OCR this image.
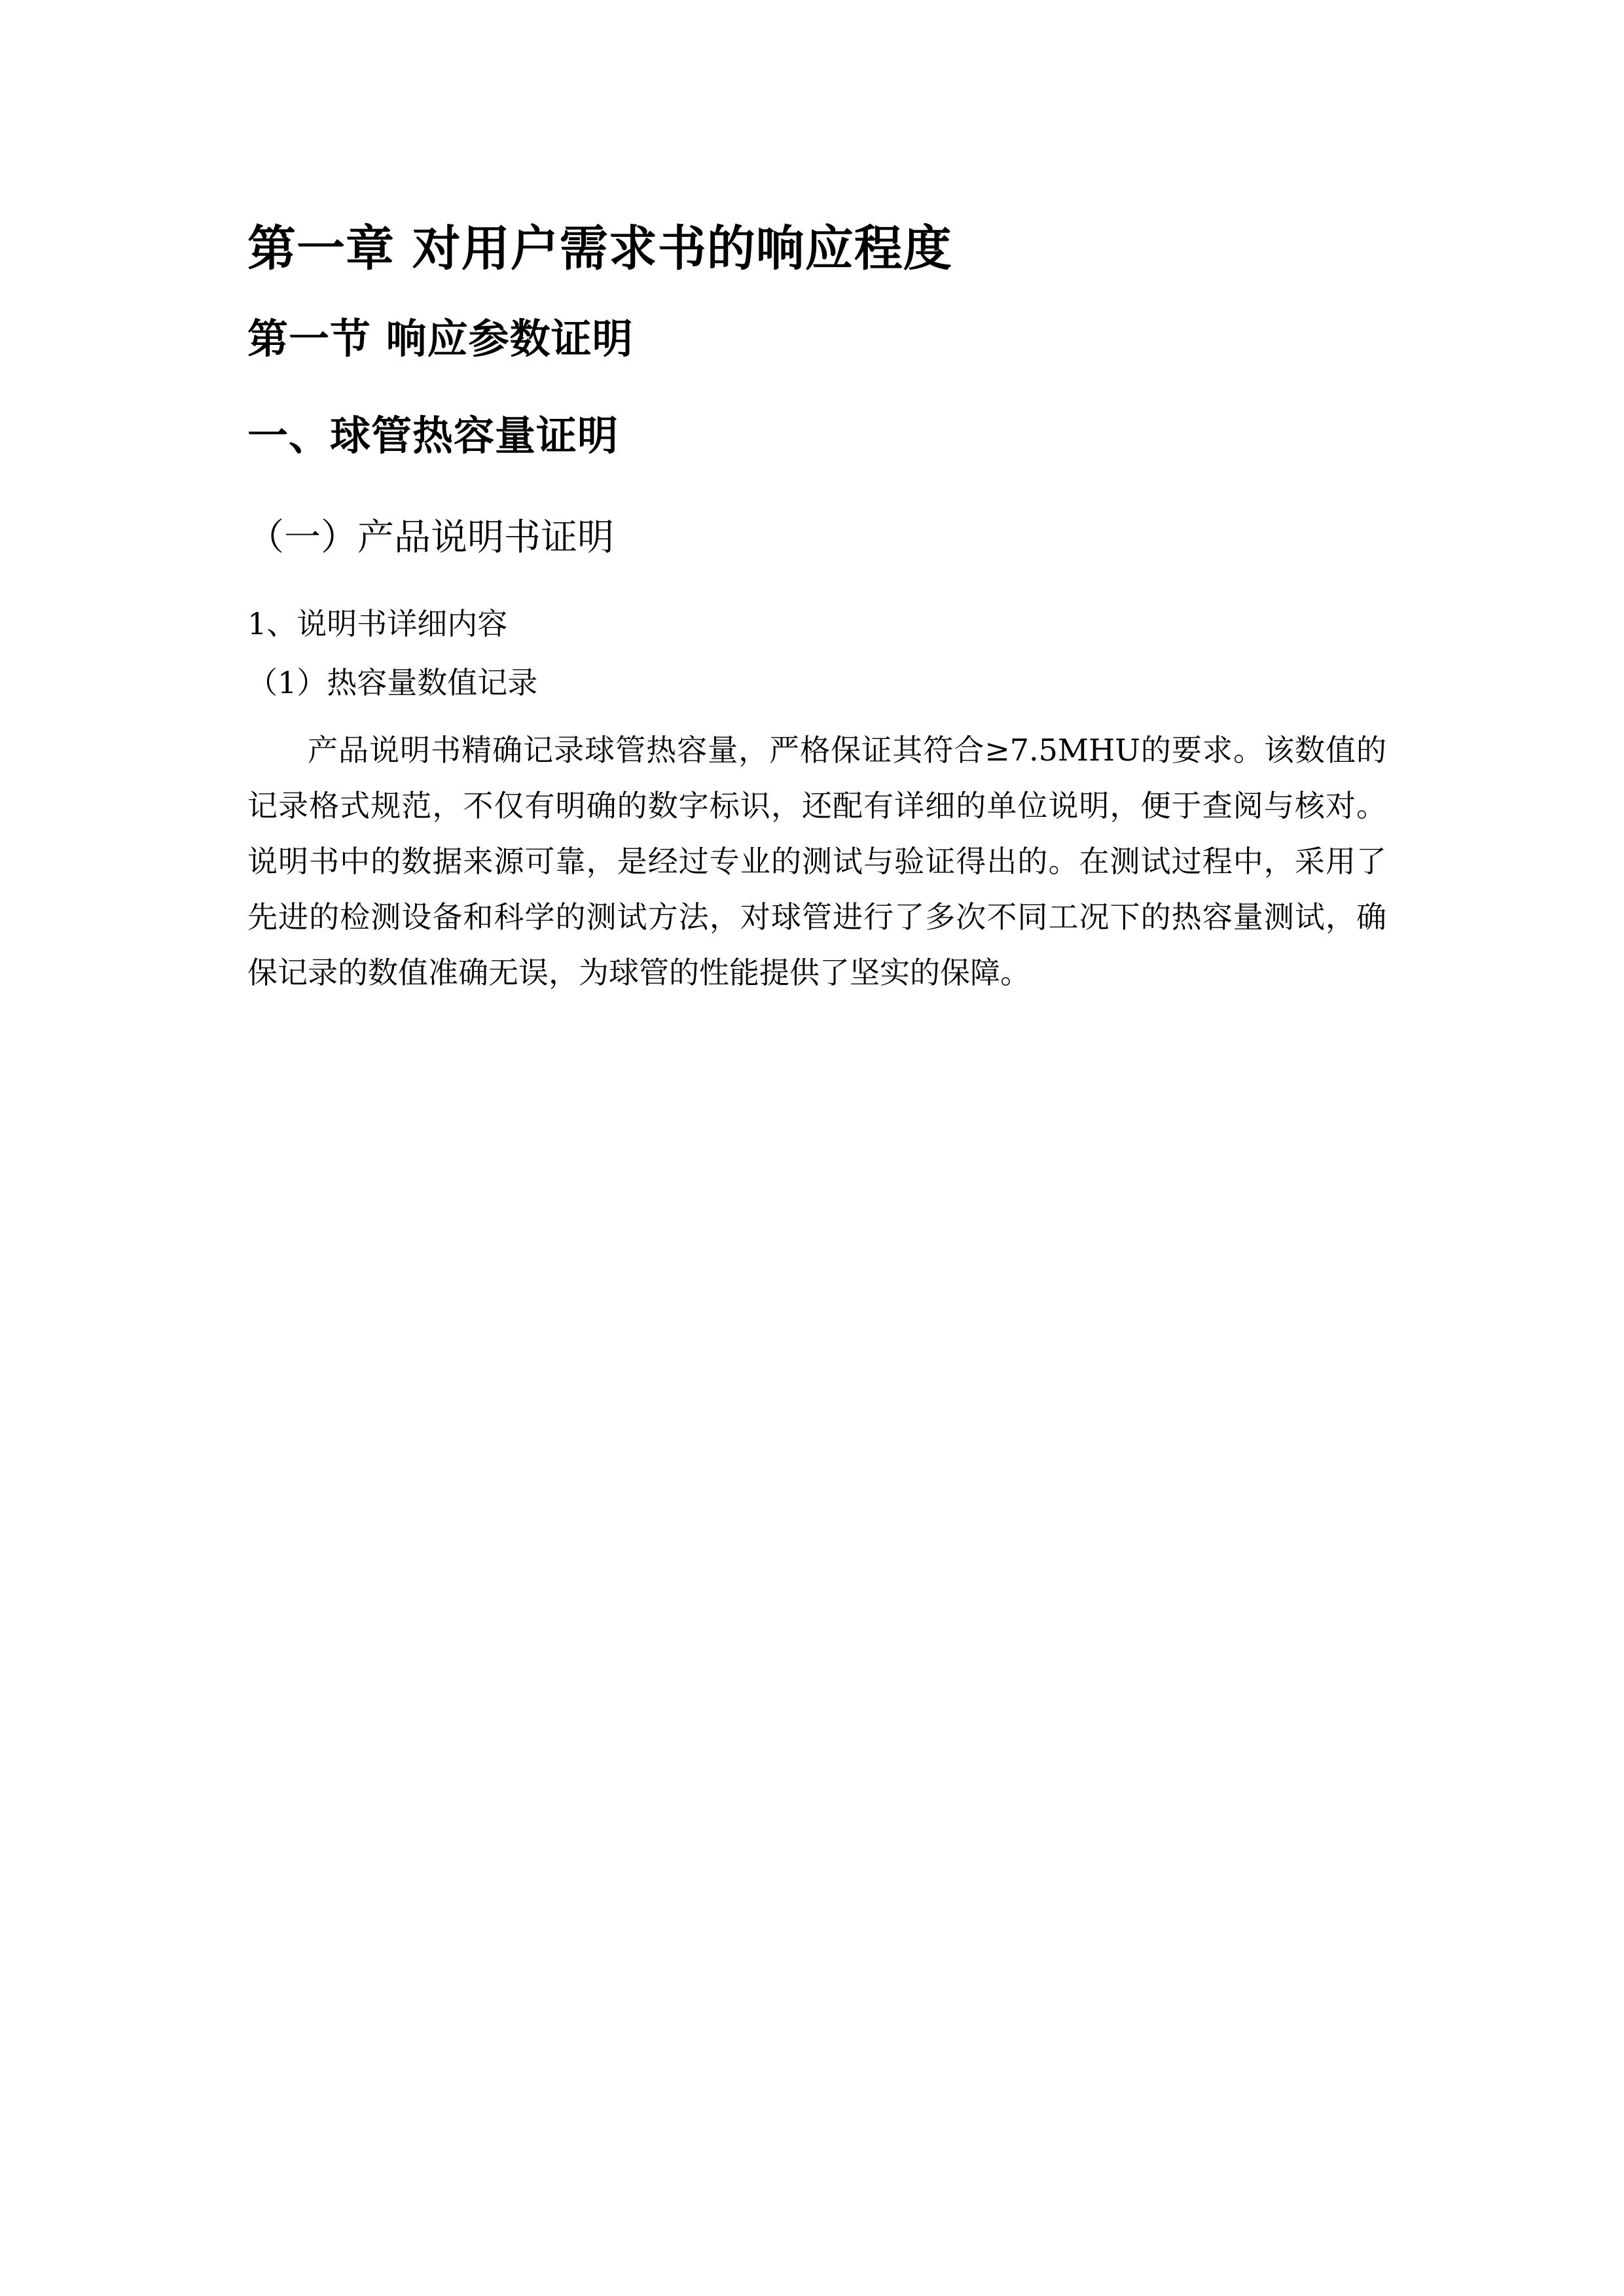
第一章 对用户需求书的响应程度
第一节 响应参数证明
一、球管热容量证明
（一）产品说明书证明

1、说明书详细内容

（1）热容量数值记录

产品说明书精确记录球管热容量，严格保证其符合≥7.5MHU的要求。该数值的记录格式规范，不仅有明确的数字标识，还配有详细的单位说明，便于查阅与核对。说明书中的数据来源可靠，是经过专业的测试与验证得出的。在测试过程中，采用了先进的检测设备和科学的测试方法，对球管进行了多次不同工况下的热容量测试，确保记录的数值准确无误，为球管的性能提供了坚实的保障。
